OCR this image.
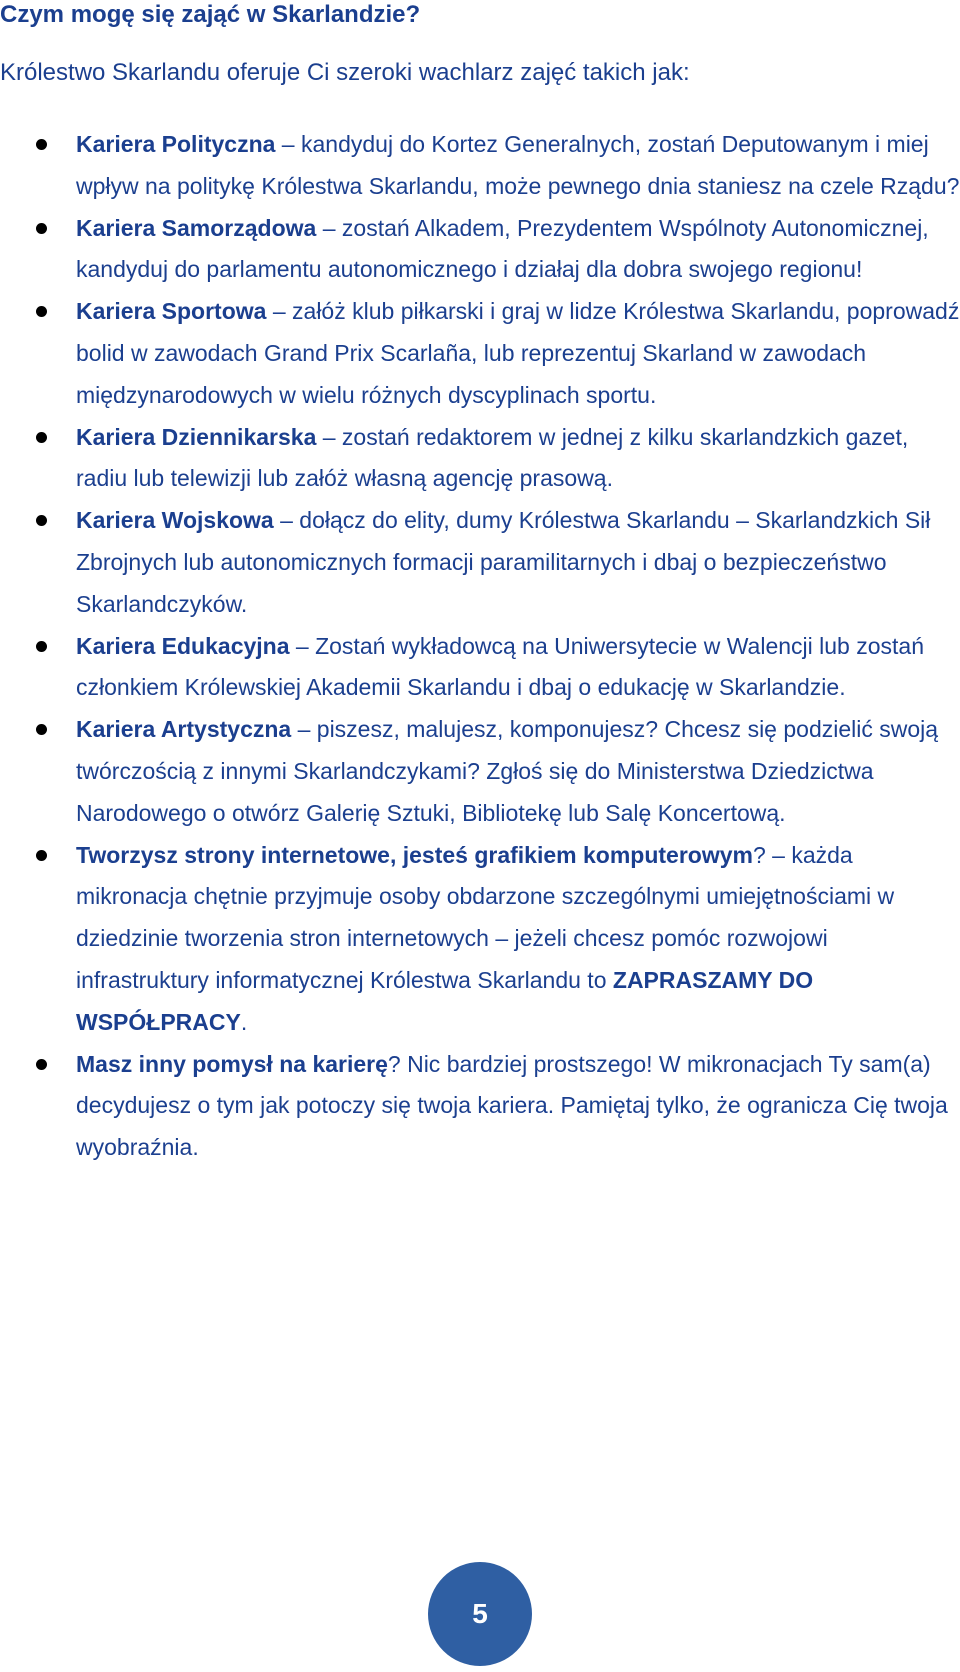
Czym mogę się zająć w Skarlandzie?

Królestwo Skarlandu oferuje Ci szeroki wachlarz zajęć takich jak:

Kariera Polityczna – kandyduj do Kortez Generalnych, zostań Deputowanym i miej wpływ na politykę Królestwa Skarlandu, może pewnego dnia staniesz na czele Rządu?
Kariera Samorządowa – zostań Alkadem, Prezydentem Wspólnoty Autonomicznej, kandyduj do parlamentu autonomicznego i działaj dla dobra swojego regionu!
Kariera Sportowa – załóż klub piłkarski i graj w lidze Królestwa Skarlandu, poprowadź bolid w zawodach Grand Prix Scarlaña, lub reprezentuj Skarland w zawodach międzynarodowych w wielu różnych dyscyplinach sportu.
Kariera Dziennikarska – zostań redaktorem w jednej z kilku skarlandzkich gazet, radiu lub telewizji lub załóż własną agencję prasową.
Kariera Wojskowa – dołącz do elity, dumy Królestwa Skarlandu – Skarlandzkich Sił Zbrojnych lub autonomicznych formacji paramilitarnych i dbaj o bezpieczeństwo Skarlandczyków.
Kariera Edukacyjna – Zostań wykładowcą na Uniwersytecie w Walencji lub zostań członkiem Królewskiej Akademii Skarlandu i dbaj o edukację w Skarlandzie.
Kariera Artystyczna – piszesz, malujesz, komponujesz? Chcesz się podzielić swoją twórczością z innymi Skarlandczykami? Zgłoś się do Ministerstwa Dziedzictwa Narodowego o otwórz Galerię Sztuki, Bibliotekę lub Salę Koncertową.
Tworzysz strony internetowe, jesteś grafikiem komputerowym? – każda mikronacja chętnie przyjmuje osoby obdarzone szczególnymi umiejętnościami w dziedzinie tworzenia stron internetowych – jeżeli chcesz pomóc rozwojowi infrastruktury informatycznej Królestwa Skarlandu to ZAPRASZAMY DO WSPÓŁPRACY.
Masz inny pomysł na karierę? Nic bardziej prostszego! W mikronacjach Ty sam(a) decydujesz o tym jak potoczy się twoja kariera. Pamiętaj tylko, że ogranicza Cię twoja wyobraźnia.
5
